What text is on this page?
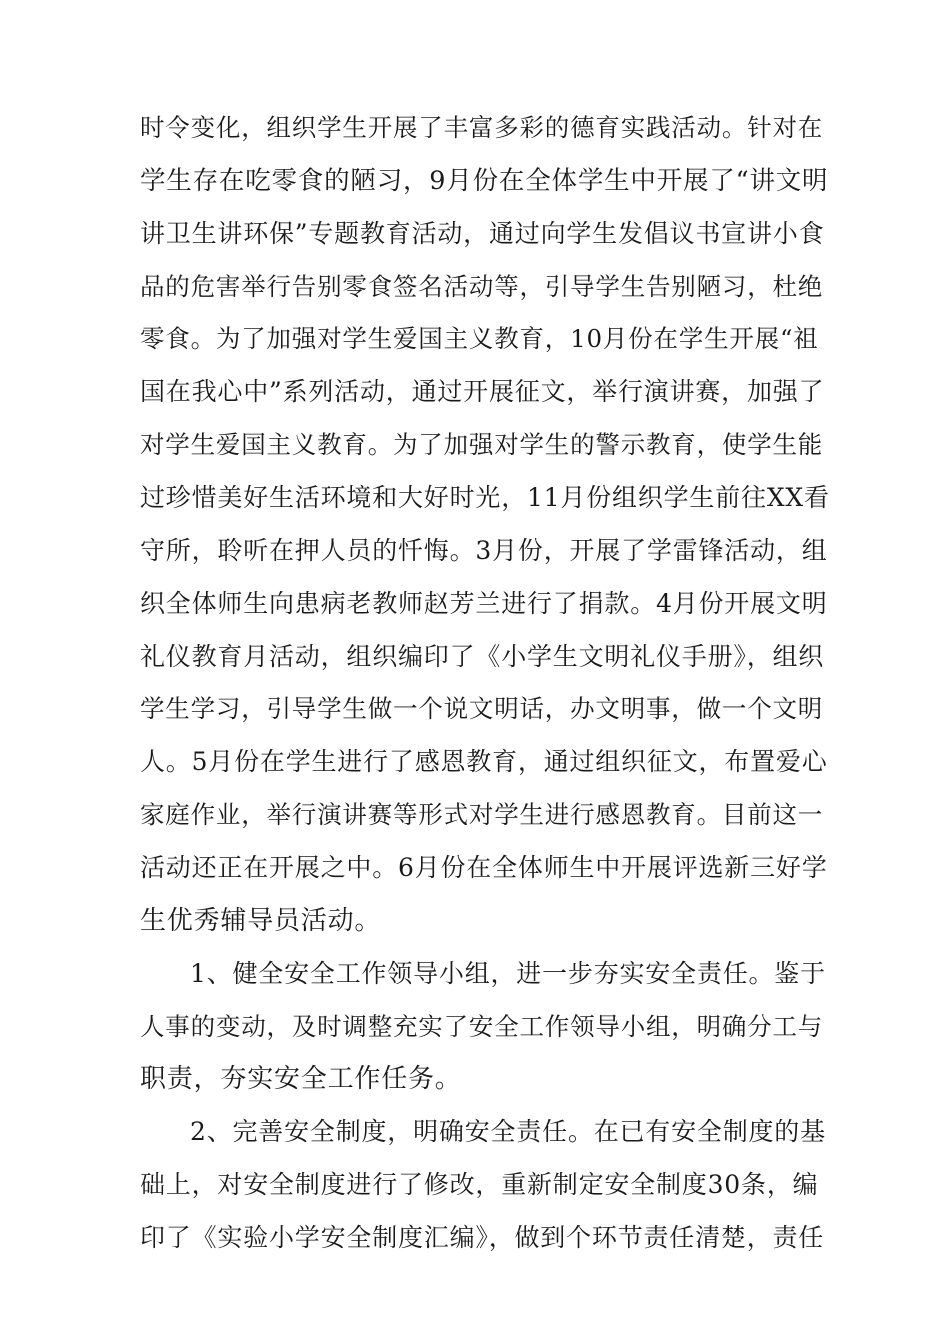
时令变化，组织学生开展了丰富多彩的德育实践活动。针对在
学生存在吃零食的陋习，9月份在全体学生中开展了“讲文明
讲卫生讲环保”专题教育活动，通过向学生发倡议书宣讲小食
品的危害举行告别零食签名活动等，引导学生告别陋习，杜绝
零食。为了加强对学生爱国主义教育，10月份在学生开展“祖
国在我心中”系列活动，通过开展征文，举行演讲赛，加强了
对学生爱国主义教育。为了加强对学生的警示教育，使学生能
过珍惜美好生活环境和大好时光，11月份组织学生前往XX看
守所，聆听在押人员的忏悔。3月份，开展了学雷锋活动，组
织全体师生向患病老教师赵芳兰进行了捐款。4月份开展文明
礼仪教育月活动，组织编印了《小学生文明礼仪手册》，组织
学生学习，引导学生做一个说文明话，办文明事，做一个文明
人。5月份在学生进行了感恩教育，通过组织征文，布置爱心
家庭作业，举行演讲赛等形式对学生进行感恩教育。目前这一
活动还正在开展之中。6月份在全体师生中开展评选新三好学
生优秀辅导员活动。
1、健全安全工作领导小组，进一步夯实安全责任。鉴于
人事的变动，及时调整充实了安全工作领导小组，明确分工与
职责，夯实安全工作任务。
2、完善安全制度，明确安全责任。在已有安全制度的基
础上，对安全制度进行了修改，重新制定安全制度30条，编
印了《实验小学安全制度汇编》，做到个环节责任清楚，责任
